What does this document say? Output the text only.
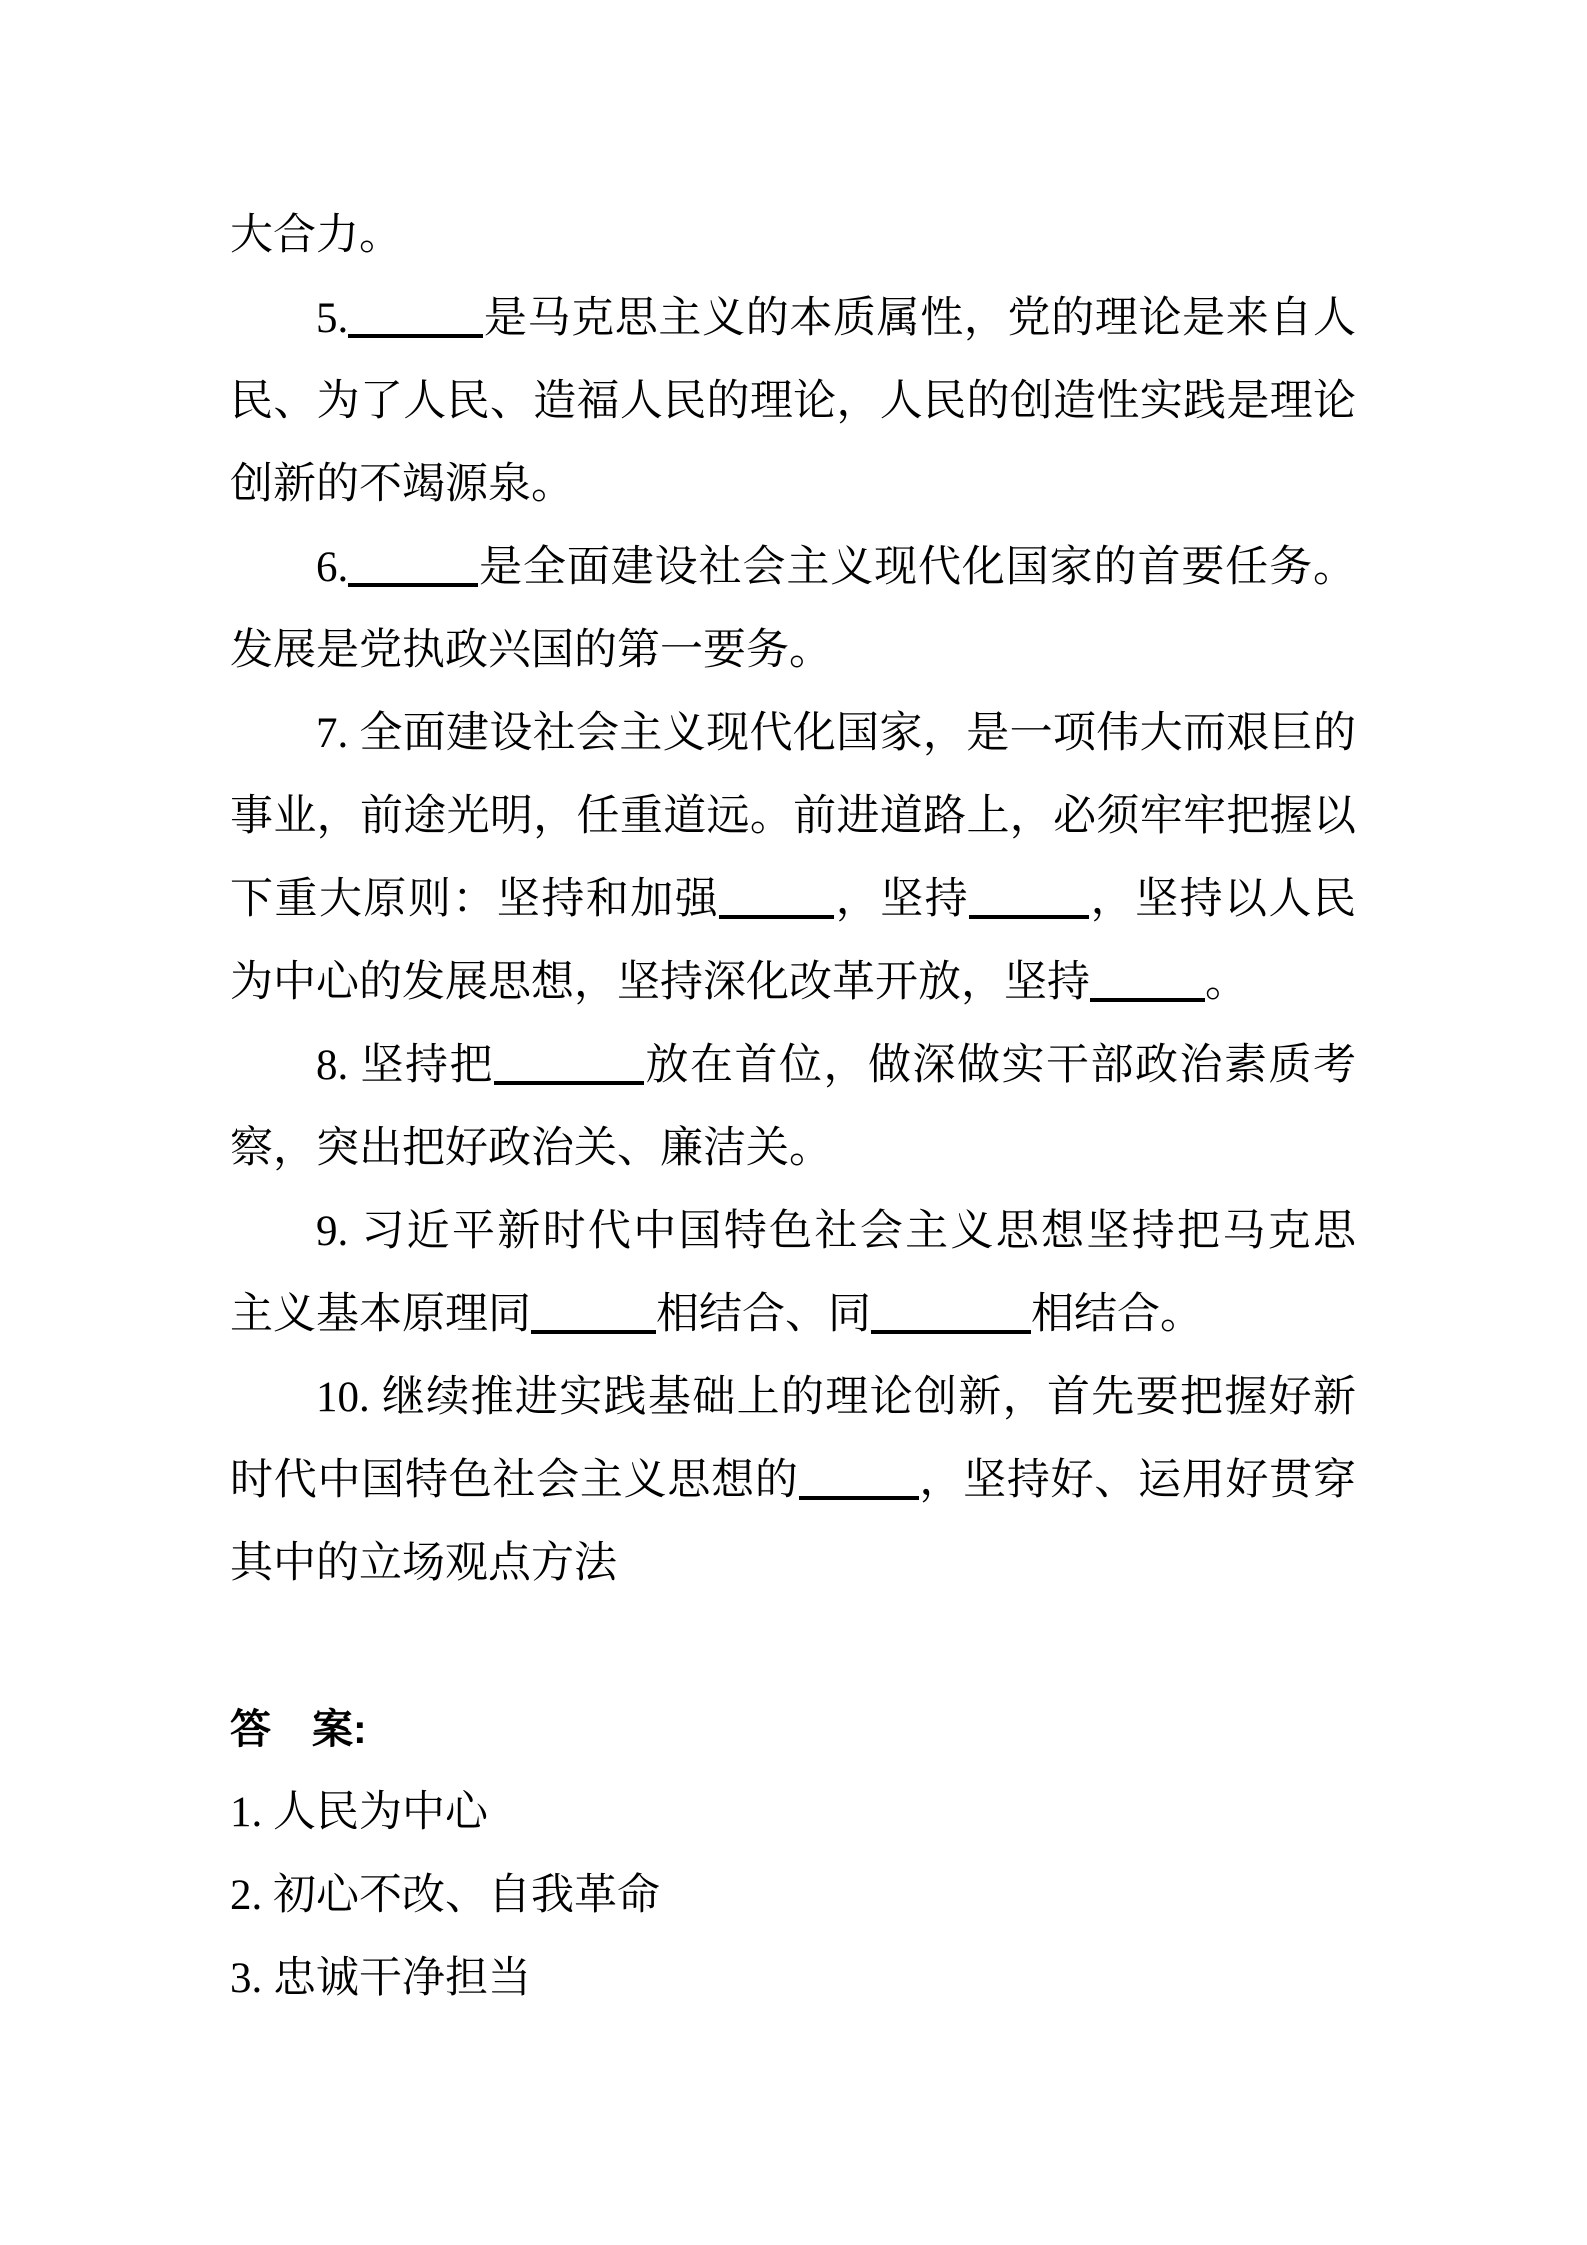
大合力。
5.	是马克思主义的本质属性，党的理论是来自人
民、为了人民、造福人民的理论，人民的创造性实践是理论
创新的不竭源泉。
6.	是全面建设社会主义现代化国家的首要任务。
发展是党执政兴国的第一要务。
7. 全面建设社会主义现代化国家，是一项伟大而艰巨的
事业，前途光明，任重道远。前进道路上，必须牢牢把握以
下重大原则：坚持和加强	，坚持	，坚持以人民
为中心的发展思想，坚持深化改革开放，坚持	。
8. 坚持把	放在首位，做深做实干部政治素质考
察，突出把好政治关、廉洁关。
9. 习近平新时代中国特色社会主义思想坚持把马克思
主义基本原理同	相结合、同	相结合。
10. 继续推进实践基础上的理论创新，首先要把握好新
时代中国特色社会主义思想的	，坚持好、运用好贯穿
其中的立场观点方法
答　案:
1. 人民为中心
2. 初心不改、自我革命
3. 忠诚干净担当
